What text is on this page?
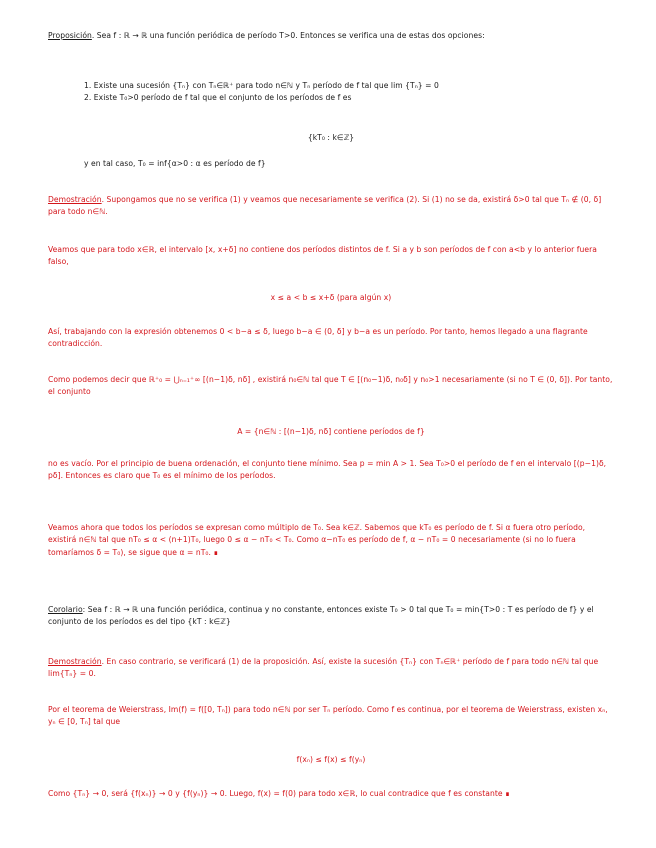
Proposición. Sea f : ℝ → ℝ una función periódica de período T>0. Entonces se verifica una de estas dos opciones:
1. Existe una sucesión {Tₙ} con Tₙ∈ℝ⁺ para todo n∈ℕ y Tₙ período de f tal que lim {Tₙ} = 0
2. Existe T₀>0 período de f tal que el conjunto de los períodos de f es
{kT₀ : k∈ℤ}
y en tal caso, T₀ = inf{α>0 : α es período de f}
Demostración. Supongamos que no se verifica (1) y veamos que necesariamente se verifica (2). Si (1) no se da, existirá δ>0 tal que Tₙ ∉ (0, δ] para todo n∈ℕ.
Veamos que para todo x∈ℝ, el intervalo [x, x+δ] no contiene dos períodos distintos de f. Si a y b son períodos de f con a<b y lo anterior fuera falso,
x ≤ a < b ≤ x+δ (para algún x)
Así, trabajando con la expresión obtenemos 0 < b−a ≤ δ, luego b−a ∈ (0, δ] y b−a es un período. Por tanto, hemos llegado a una flagrante contradicción.
Como podemos decir que ℝ⁺₀ = ⋃ₙ₌₁⁺∞ [(n−1)δ, nδ] , existirá n₀∈ℕ tal que T ∈ [(n₀−1)δ, n₀δ] y n₀>1 necesariamente (si no T ∈ (0, δ]). Por tanto, el conjunto
A = {n∈ℕ : [(n−1)δ, nδ] contiene períodos de f}
no es vacío. Por el principio de buena ordenación, el conjunto tiene mínimo. Sea p = min A > 1. Sea T₀>0 el período de f en el intervalo [(p−1)δ, pδ]. Entonces es claro que T₀ es el mínimo de los períodos.
Veamos ahora que todos los períodos se expresan como múltiplo de T₀. Sea k∈ℤ. Sabemos que kT₀ es período de f. Si α fuera otro período, existirá n∈ℕ tal que nT₀ ≤ α < (n+1)T₀, luego 0 ≤ α − nT₀ < T₀. Como α−nT₀ es período de f, α − nT₀ = 0 necesariamente (si no lo fuera tomaríamos δ = T₀), se sigue que α = nT₀. ∎
Corolario: Sea f : ℝ → ℝ una función periódica, continua y no constante, entonces existe T₀ > 0 tal que T₀ = min{T>0 : T es período de f} y el conjunto de los períodos es del tipo {kT : k∈ℤ}
Demostración. En caso contrario, se verificará (1) de la proposición. Así, existe la sucesión {Tₙ} con Tₙ∈ℝ⁺ período de f para todo n∈ℕ tal que lim{Tₙ} = 0.
Por el teorema de Weierstrass, Im(f) = f([0, Tₙ]) para todo n∈ℕ por ser Tₙ período. Como f es continua, por el teorema de Weierstrass, existen xₙ, yₙ ∈ [0, Tₙ] tal que
f(xₙ) ≤ f(x) ≤ f(yₙ)
Como {Tₙ} → 0, será {f(xₙ)} → 0 y {f(yₙ)} → 0. Luego, f(x) = f(0) para todo x∈ℝ, lo cual contradice que f es constante ∎
